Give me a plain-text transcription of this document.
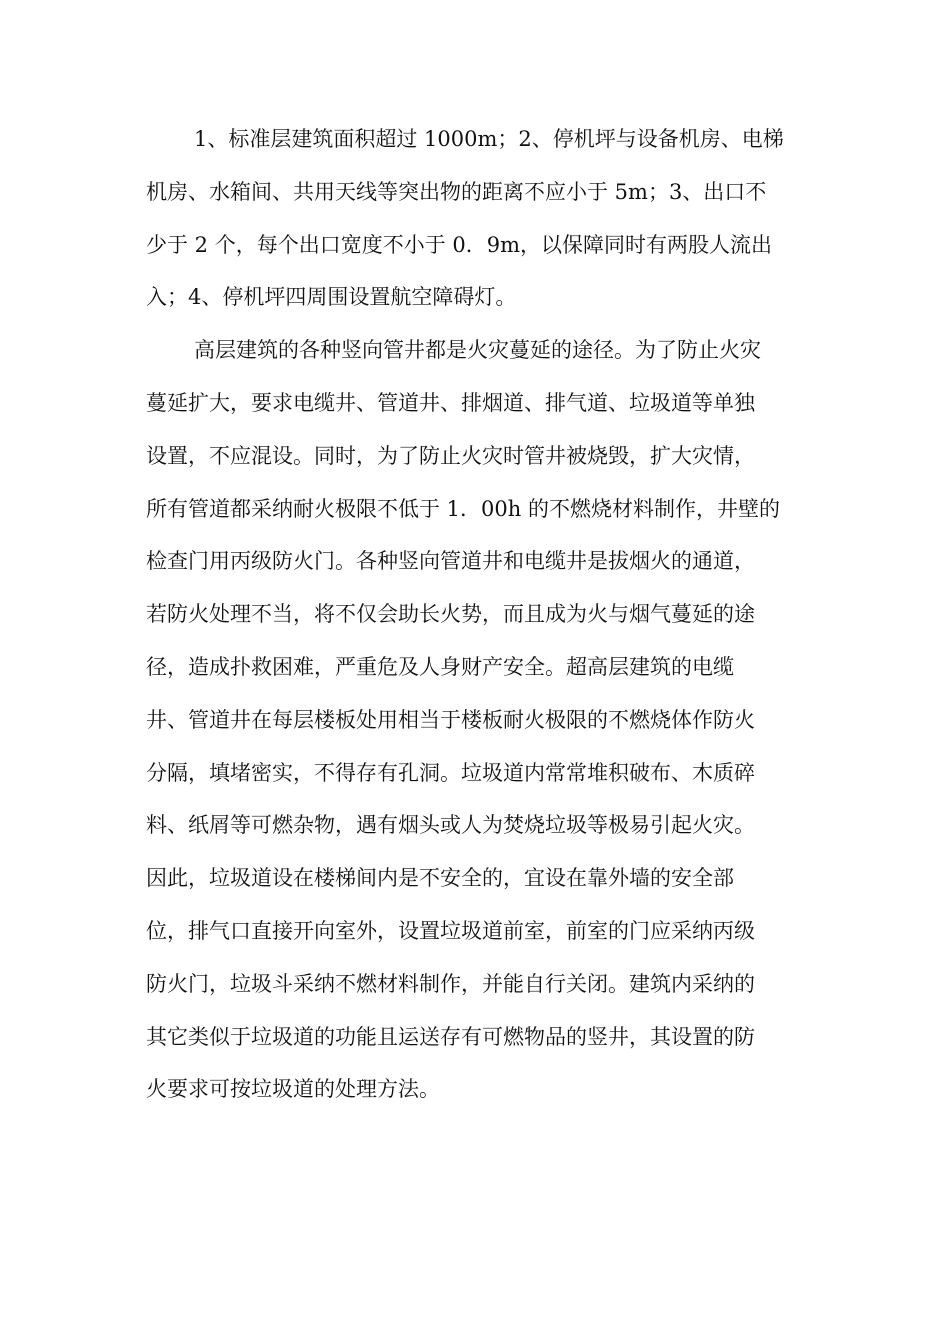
1、标准层建筑面积超过 1000m；2、停机坪与设备机房、电梯
机房、水箱间、共用天线等突出物的距离不应小于 5m；3、出口不
少于 2 个，每个出口宽度不小于 0．9m，以保障同时有两股人流出
入；4、停机坪四周围设置航空障碍灯。
高层建筑的各种竖向管井都是火灾蔓延的途径。为了防止火灾
蔓延扩大，要求电缆井、管道井、排烟道、排气道、垃圾道等单独
设置，不应混设。同时，为了防止火灾时管井被烧毁，扩大灾情，
所有管道都采纳耐火极限不低于 1．00h 的不燃烧材料制作，井壁的
检查门用丙级防火门。各种竖向管道井和电缆井是拔烟火的通道，
若防火处理不当，将不仅会助长火势，而且成为火与烟气蔓延的途
径，造成扑救困难，严重危及人身财产安全。超高层建筑的电缆
井、管道井在每层楼板处用相当于楼板耐火极限的不燃烧体作防火
分隔，填堵密实，不得存有孔洞。垃圾道内常常堆积破布、木质碎
料、纸屑等可燃杂物，遇有烟头或人为焚烧垃圾等极易引起火灾。
因此，垃圾道设在楼梯间内是不安全的，宜设在靠外墙的安全部
位，排气口直接开向室外，设置垃圾道前室，前室的门应采纳丙级
防火门，垃圾斗采纳不燃材料制作，并能自行关闭。建筑内采纳的
其它类似于垃圾道的功能且运送存有可燃物品的竖井，其设置的防
火要求可按垃圾道的处理方法。
